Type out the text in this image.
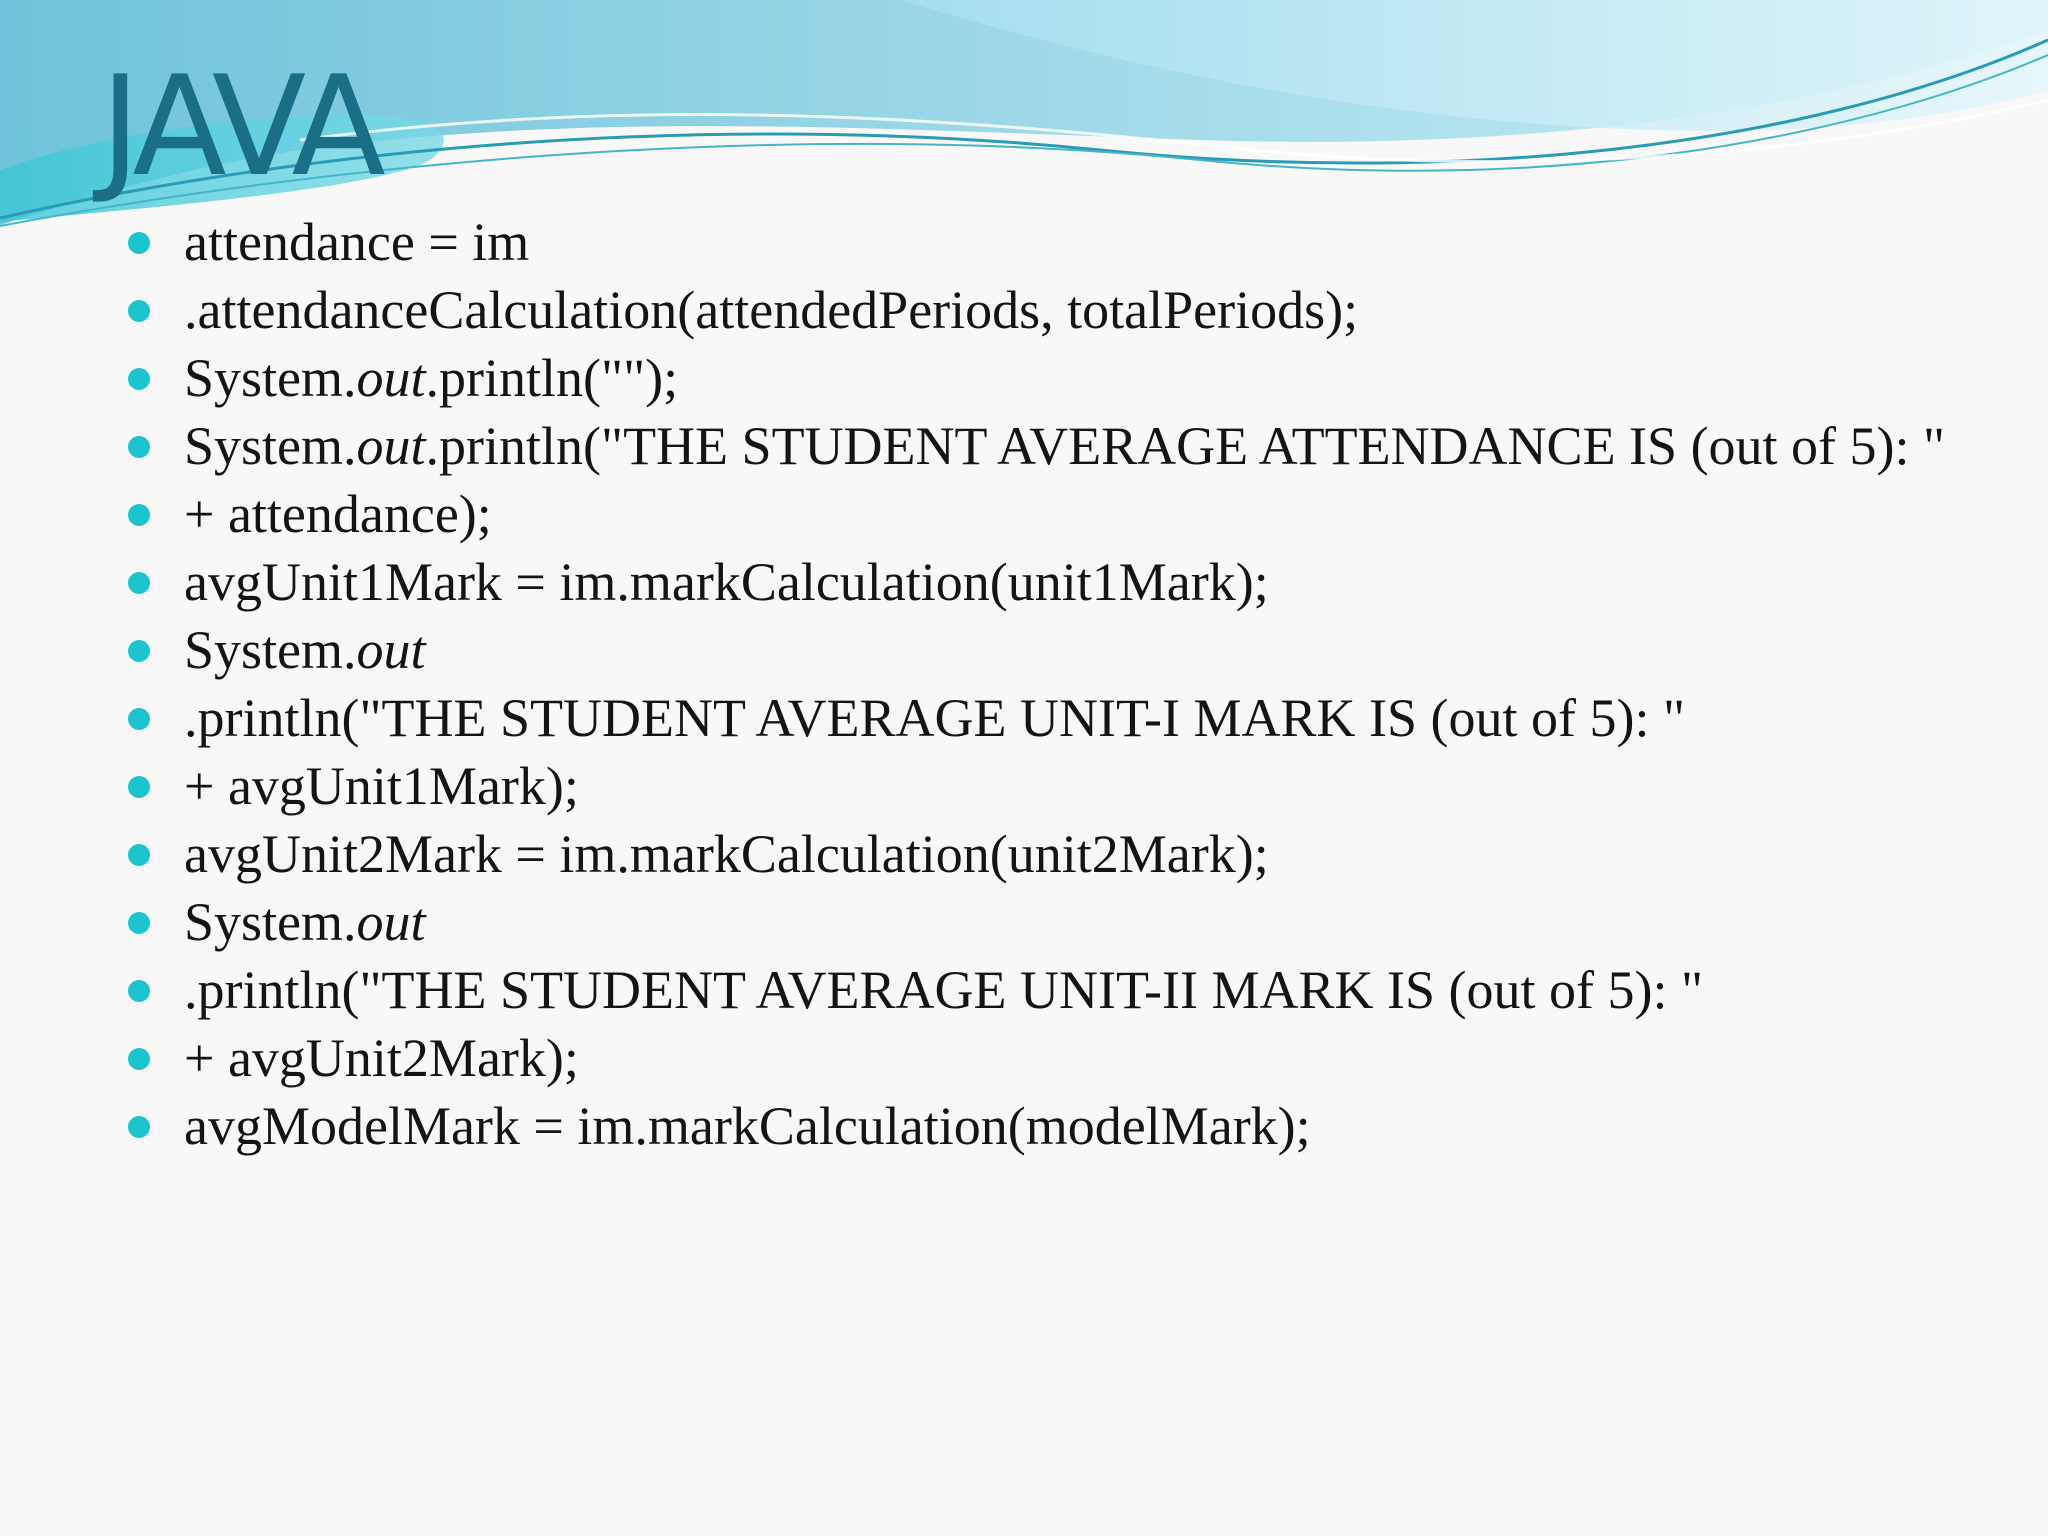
JAVA
attendance = im
.attendanceCalculation(attendedPeriods, totalPeriods);
System.out.println("");
System.out.println("THE STUDENT AVERAGE ATTENDANCE IS (out of 5): "
+ attendance);
avgUnit1Mark = im.markCalculation(unit1Mark);
System.out
.println("THE STUDENT AVERAGE UNIT-I MARK IS (out of 5): "
+ avgUnit1Mark);
avgUnit2Mark = im.markCalculation(unit2Mark);
System.out
.println("THE STUDENT AVERAGE UNIT-II MARK IS (out of 5): "
+ avgUnit2Mark);
avgModelMark = im.markCalculation(modelMark);
